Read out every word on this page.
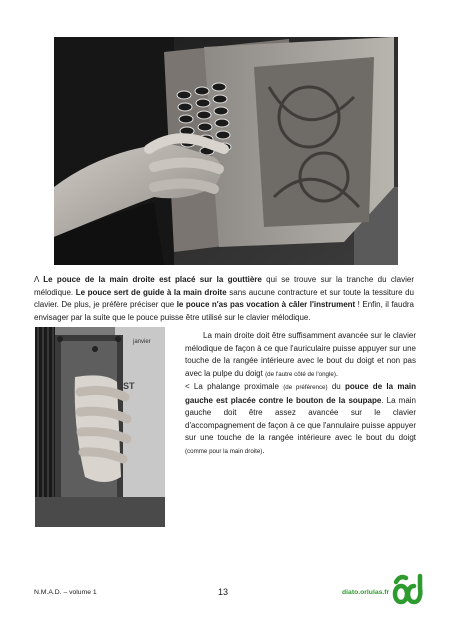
Λ Le pouce de la main droite est placé sur la gouttière qui se trouve sur la tranche du clavier mélodique. Le pouce sert de guide à la main droite sans aucune contracture et sur toute la tessiture du clavier. De plus, je préfère préciser que le pouce n'as pas vocation à câler l'instrument ! Enfin, il faudra envisager par la suite que le pouce puisse être utilisé sur le clavier mélodique.

janvier
ST

La main droite doit être suffisamment avancée sur le clavier mélodique de façon à ce que l'auriculaire puisse appuyer sur une touche de la rangée intérieure avec le bout du doigt et non pas avec la pulpe du doigt (de l'autre côté de l'ongle).

< La phalange proximale (de préférence) du pouce de la main gauche est placée contre le bouton de la soupape. La main gauche doit être assez avancée sur le clavier d'accompagnement de façon à ce que l'annulaire puisse appuyer sur une touche de la rangée intérieure avec le bout du doigt (comme pour la main droite).

N.M.A.D. – volume 1	13	diato.orlulas.fr
